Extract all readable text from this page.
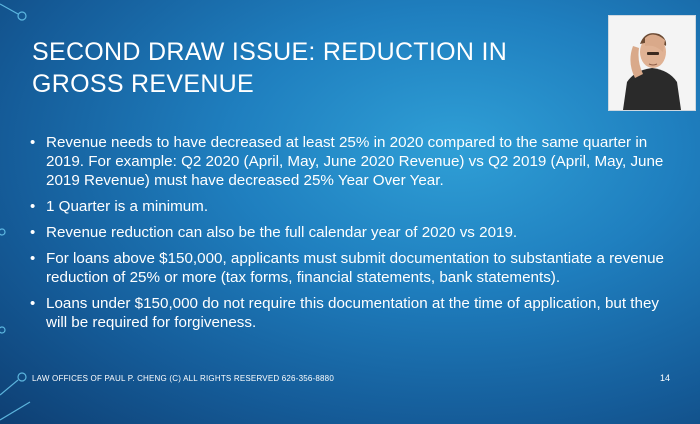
SECOND DRAW ISSUE: REDUCTION IN GROSS REVENUE
• Revenue needs to have decreased at least 25% in 2020 compared to the same quarter in 2019. For example: Q2 2020 (April, May, June 2020 Revenue) vs Q2 2019 (April, May, June 2019 Revenue) must have decreased 25% Year Over Year.
• 1 Quarter is a minimum.
• Revenue reduction can also be the full calendar year of 2020 vs 2019.
• For loans above $150,000, applicants must submit documentation to substantiate a revenue reduction of 25% or more (tax forms, financial statements, bank statements).
• Loans under $150,000 do not require this documentation at the time of application, but they will be required for forgiveness.
LAW OFFICES OF PAUL P. CHENG (C) ALL RIGHTS RESERVED 626-356-8880	14
